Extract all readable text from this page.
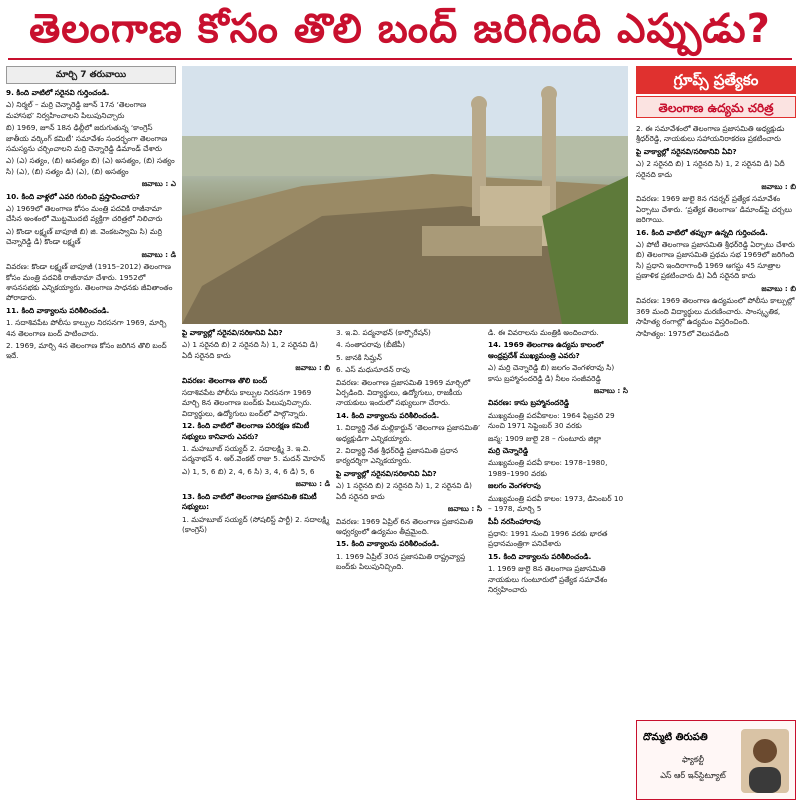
తెలంగాణ కోసం తొలి బంద్ జరిగింది ఎప్పుడు?
మార్చి 7 తరువాయి

9. కింది వాటిలో సరైనవి గుర్తించండి.

ఎ) నిర్మల్ – మర్రి చెన్నారెడ్డి జూన్ 17న ‘తెలంగాణ మహాసభ’ నిర్వహించాలని పిలుపునిచ్చారు

బి) 1969, జూన్ 18న ఢిల్లీలో జరుగుతున్న ‘కాంగ్రెస్ జాతీయ వర్కింగ్ కమిటీ’ సమావేశం సందర్భంగా తెలంగాణ సమస్యను చర్చించాలని మర్రి చెన్నారెడ్డి డిమాండ్ చేశారు

ఎ) (ఎ) సత్యం, (బి) అసత్యం బి) (ఎ) అసత్యం, (బి) సత్యం సి) (ఎ), (బి) సత్యం డి) (ఎ), (బి) అసత్యం

జవాబు : ఎ

10. కింది వాళ్లలో ఎవరి గురించి ప్రస్తావించారు?

ఎ) 1969లో తెలంగాణ కోసం మంత్రి పదవికి రాజీనామా చేసిన అంశంలో మొట్టమొదటి వ్యక్తిగా చరిత్రలో నిలిచారు

ఎ) కొండా లక్ష్మణ్ బాపూజీ బి) జి. వెంకటస్వామి సి) మర్రి చెన్నారెడ్డి డి) కొండా లక్ష్మణ్

జవాబు : డి

వివరణ: కొండా లక్ష్మణ్ బాపూజీ (1915–2012) తెలంగాణ కోసం మంత్రి పదవికి రాజీనామా చేశారు. 1952లో శాసనసభకు ఎన్నికయ్యారు. తెలంగాణ సాధనకు జీవితాంతం పోరాడారు.

11. కింది వాక్యాలను పరిశీలించండి.

1. సదాశివపేట పోలీసు కాల్పుల నిరసనగా 1969, మార్చి 4న తెలంగాణ బంద్ పాటించారు.

2. 1969, మార్చి 4న తెలంగాణ కోసం జరిగిన తొలి బంద్ ఇదే.

పై వాక్యాల్లో సరైనవి/సరికానివి ఏవి?

ఎ) 1 సరైనది బి) 2 సరైనది సి) 1, 2 సరైనవి డి) ఏదీ సరైనది కాదు

జవాబు : బి

వివరణ: తెలంగాణ తొలి బంద్

సదాశివపేట పోలీసు కాల్పుల నిరసనగా 1969 మార్చి 8న తెలంగాణ బంద్‌కు పిలుపునిచ్చారు. విద్యార్థులు, ఉద్యోగులు బంద్‌లో పాల్గొన్నారు.

12. కింది వాటిలో తెలంగాణ పరిరక్షణ కమిటీ సభ్యులు కానివారు ఎవరు?

1. మహబూబ్ సయ్యద్ 2. సదాలక్ష్మి 3. ఇ.వి. పద్మనాభన్ 4. ఆర్.వెంకట్ రాజు 5. మదన్ మోహన్

ఎ) 1, 5, 6 బి) 2, 4, 6 సి) 3, 4, 6 డి) 5, 6

జవాబు : డి

13. కింది వాటిలో తెలంగాణ ప్రజాసమితి కమిటీ సభ్యులు:

1. మహబూబ్ సయ్యద్ (సోషలిస్ట్ పార్టీ) 2. సదాలక్ష్మి (కాంగ్రెస్)

3. ఇ.వి. పద్మనాభన్ (కార్పొరేషన్)

4. సంతాపరావు (బీజేపీ)

5. జానకి సిమ్హన్

6. ఎస్ మధుసూదన్ రావు

వివరణ: తెలంగాణ ప్రజాసమితి 1969 మార్చిలో ఏర్పడింది. విద్యార్థులు, ఉద్యోగులు, రాజకీయ నాయకులు ఇందులో సభ్యులుగా చేరారు.

14. కింది వాక్యాలను పరిశీలించండి.

1. విద్యార్థి నేత మల్లికార్జున్ ‘తెలంగాణ ప్రజాసమితి’ అధ్యక్షుడిగా ఎన్నికయ్యారు.

2. విద్యార్థి నేత శ్రీధర్‌రెడ్డి ప్రజాసమితి ప్రధాన కార్యదర్శిగా ఎన్నికయ్యారు.

పై వాక్యాల్లో సరైనవి/సరికానివి ఏవి?

ఎ) 1 సరైనది బి) 2 సరైనది సి) 1, 2 సరైనవి డి) ఏదీ సరైనది కాదు

జవాబు : సి

వివరణ: 1969 ఏప్రిల్ 6న తెలంగాణ ప్రజాసమితి ఆధ్వర్యంలో ఉద్యమం తీవ్రమైంది.

15. కింది వాక్యాలను పరిశీలించండి.

1. 1969 ఏప్రిల్ 30న ప్రజాసమితి రాష్ట్రవ్యాప్త బంద్‌కు పిలుపునిచ్చింది.

డి. ఈ వివరాలను మంత్రికి అందించారు.

14. 1969 తెలంగాణ ఉద్యమ కాలంలో ఆంధ్రప్రదేశ్ ముఖ్యమంత్రి ఎవరు?

ఎ) మర్రి చెన్నారెడ్డి బి) జలగం వెంగళరావు సి) కాసు బ్రహ్మానందరెడ్డి డి) నీలం సంజీవరెడ్డి

జవాబు : సి

వివరణ: కాసు బ్రహ్మానందరెడ్డి

ముఖ్యమంత్రి పదవీకాలం: 1964 ఫిబ్రవరి 29 నుంచి 1971 సెప్టెంబర్ 30 వరకు

జన్మ: 1909 జులై 28 – గుంటూరు జిల్లా

మర్రి చెన్నారెడ్డి

ముఖ్యమంత్రి పదవీ కాలం: 1978–1980, 1989–1990 వరకు

జలగం వెంగళరావు

ముఖ్యమంత్రి పదవీ కాలం: 1973, డిసెంబర్ 10 – 1978, మార్చి 5

పీవీ నరసింహారావు

ప్రధాని: 1991 నుంచి 1996 వరకు భారత ప్రధానమంత్రిగా పనిచేశారు

15. కింది వాక్యాలను పరిశీలించండి.

1. 1969 జులై 8న తెలంగాణ ప్రజాసమితి నాయకులు గుంటూరులో ప్రత్యేక సమావేశం నిర్వహించారు

గ్రూప్స్ ప్రత్యేకం
తెలంగాణ ఉద్యమ చరిత్ర

2. ఈ సమావేశంలో తెలంగాణ ప్రజాసమితి అధ్యక్షుడు శ్రీధర్‌రెడ్డి, నాయకులు సహాయనిరాకరణ ప్రకటించారు

పై వాక్యాల్లో సరైనవి/సరికానివి ఏవి?

ఎ) 2 సరైనది బి) 1 సరైనది సి) 1, 2 సరైనవి డి) ఏదీ సరైనది కాదు

జవాబు : బి

వివరణ: 1969 జులై 8న గవర్నర్ ప్రత్యేక సమావేశం ఏర్పాటు చేశారు. ‘ప్రత్యేక తెలంగాణ’ డిమాండ్‌పై చర్చలు జరిగాయి.

16. కింది వాటిలో తప్పుగా ఉన్నది గుర్తించండి.

ఎ) పోటీ తెలంగాణ ప్రజాసమితి శ్రీధర్‌రెడ్డి ఏర్పాటు చేశారు బి) తెలంగాణ ప్రజాసమితి ప్రథమ సభ 1969లో జరిగింది సి) ప్రధాని ఇందిరాగాంధీ 1969 ఆగస్టు 45 సూత్రాల ప్రణాళిక ప్రకటించారు డి) ఏదీ సరైనది కాదు

జవాబు : బి

వివరణ: 1969 తెలంగాణ ఉద్యమంలో పోలీసు కాల్పుల్లో 369 మంది విద్యార్థులు మరణించారు. సాంస్కృతిక, సాహిత్య రంగాల్లో ఉద్యమం విస్తరించింది.

సాహిత్యం: 1975లో వెలువడింది

దొమ్మటి తిరుపతి
ఫ్యాకల్టీ
ఎస్ ఆర్ ఇన్‌స్టిట్యూట్
